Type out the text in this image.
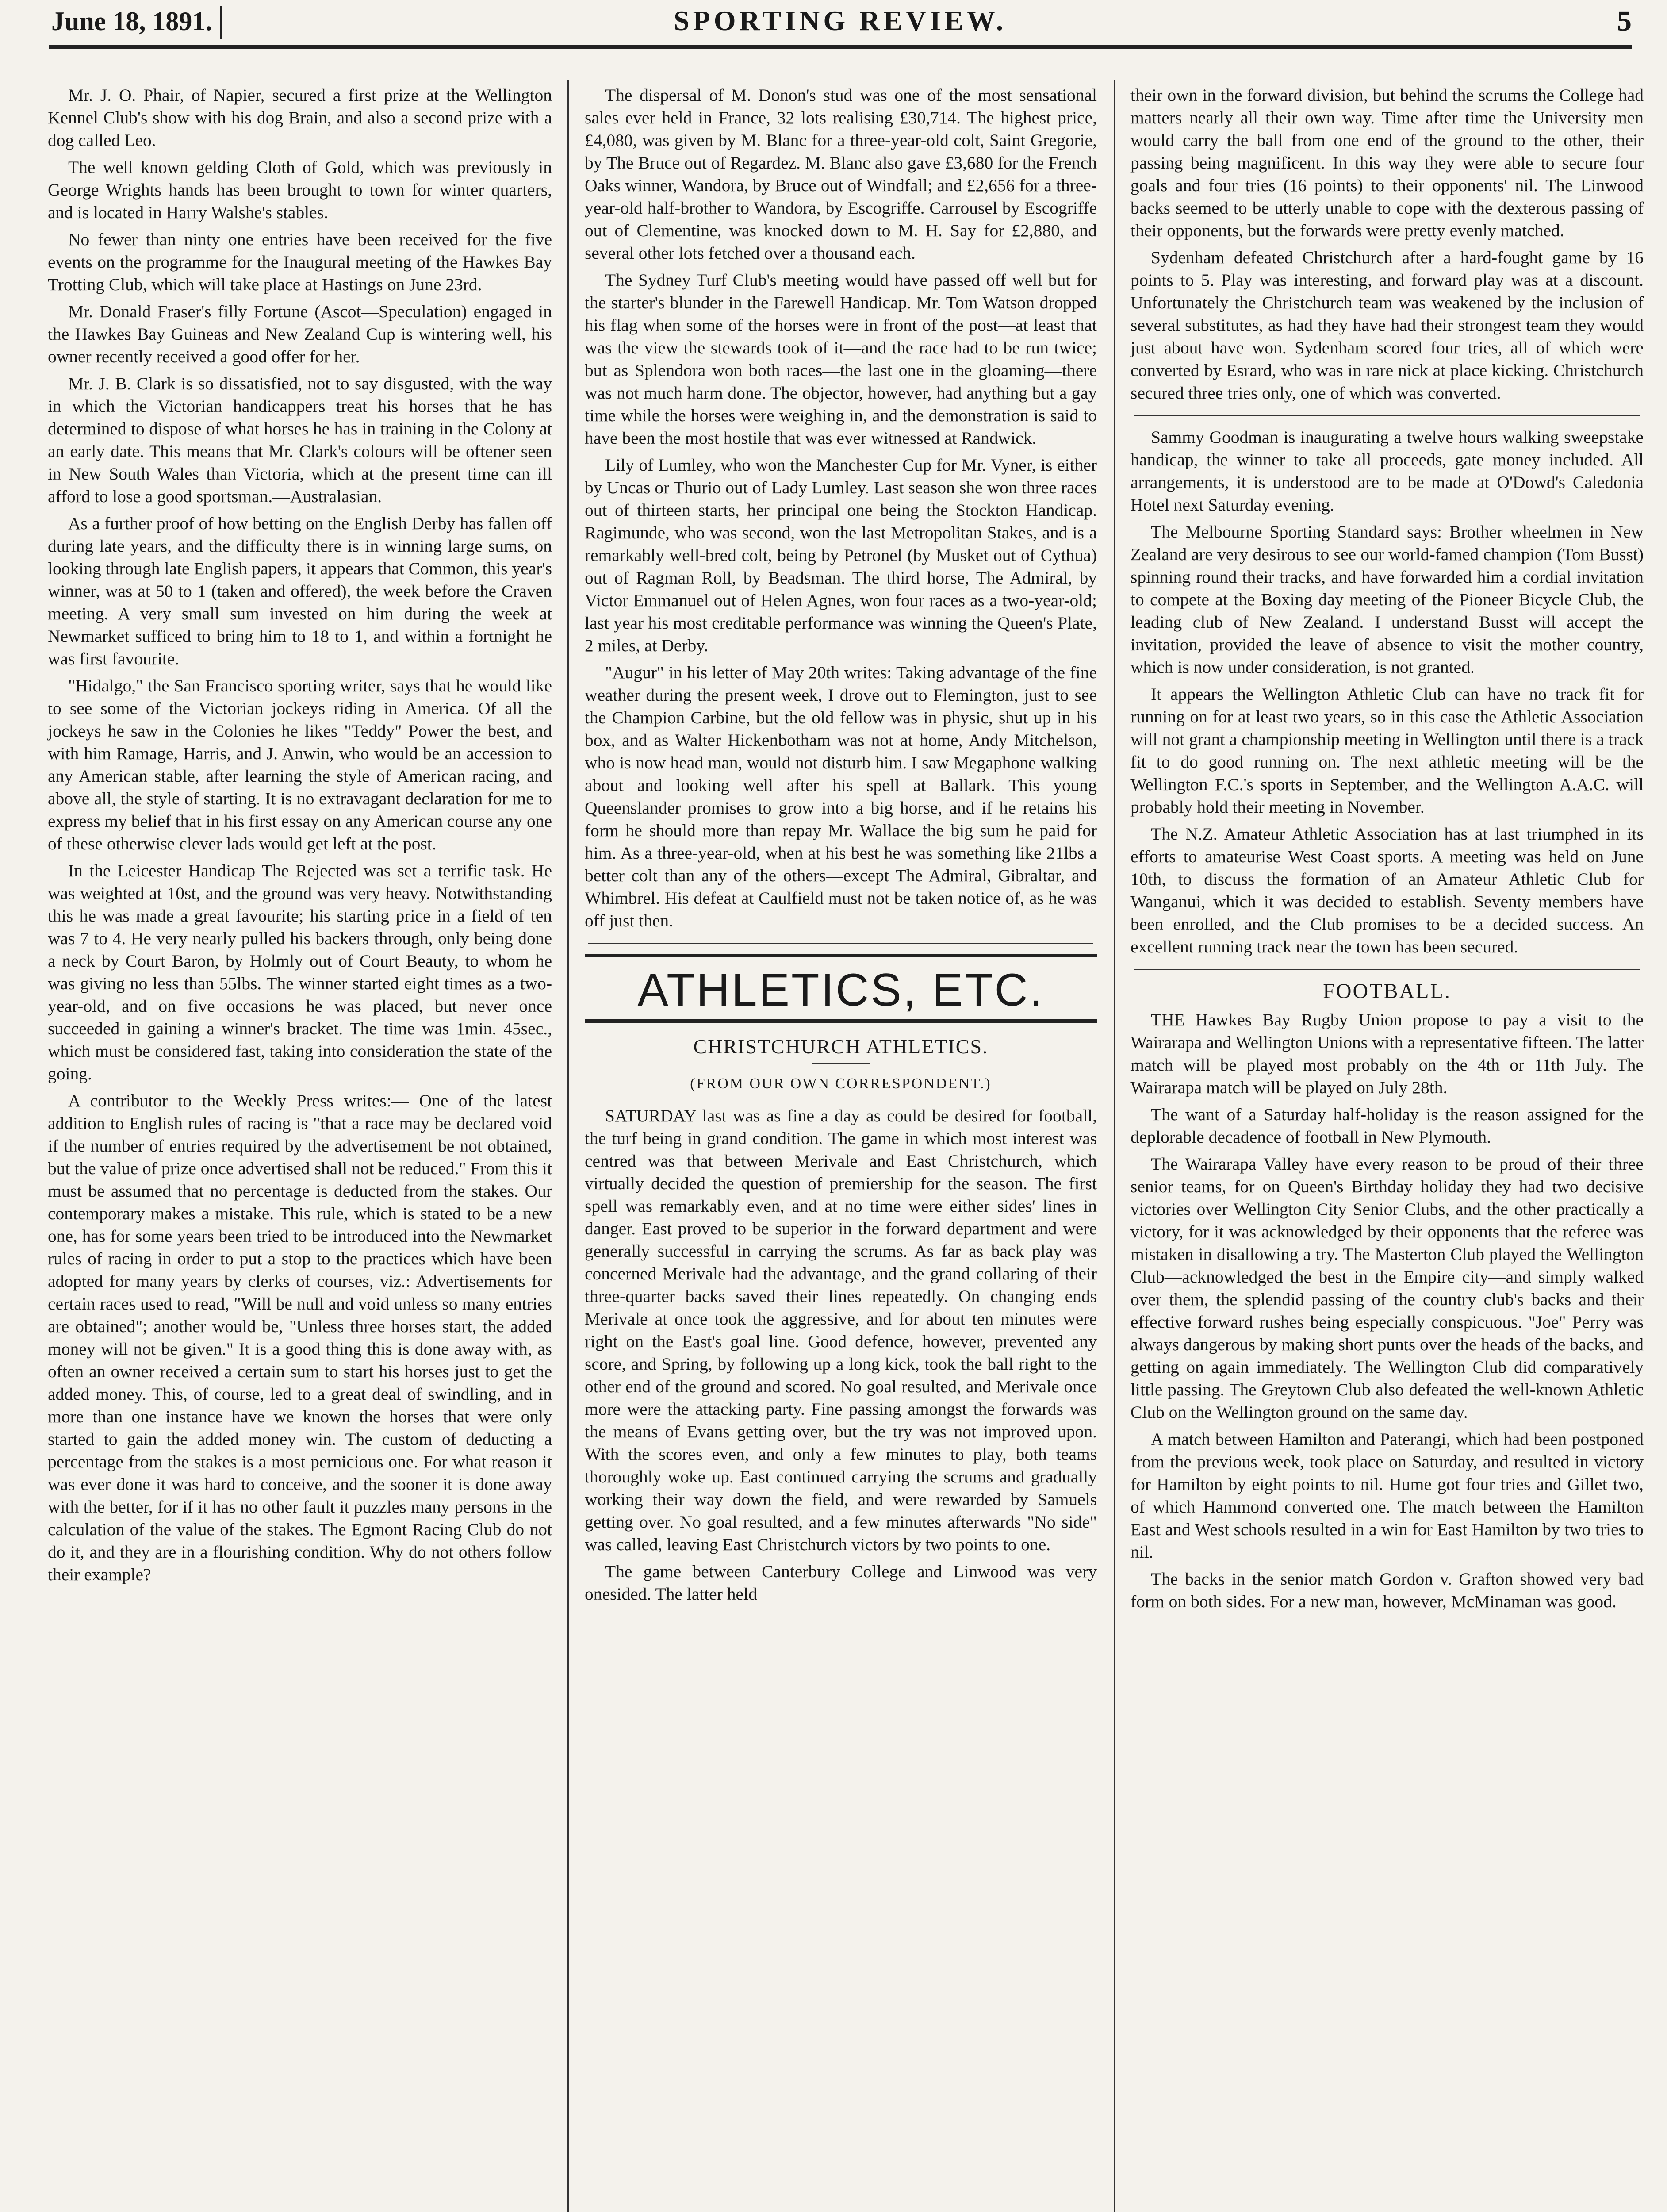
June 18, 1891.	SPORTING REVIEW.	5

Mr. J. O. Phair, of Napier, secured a first prize at the Wellington Kennel Club's show with his dog Brain, and also a second prize with a dog called Leo.

The well known gelding Cloth of Gold, which was previously in George Wrights hands has been brought to town for winter quarters, and is located in Harry Walshe's stables.

No fewer than ninty one entries have been received for the five events on the programme for the Inaugural meeting of the Hawkes Bay Trotting Club, which will take place at Hastings on June 23rd.

Mr. Donald Fraser's filly Fortune (Ascot—Speculation) engaged in the Hawkes Bay Guineas and New Zealand Cup is wintering well, his owner recently received a good offer for her.

Mr. J. B. Clark is so dissatisfied, not to say disgusted, with the way in which the Victorian handicappers treat his horses that he has determined to dispose of what horses he has in training in the Colony at an early date. This means that Mr. Clark's colours will be oftener seen in New South Wales than Victoria, which at the present time can ill afford to lose a good sportsman.—Australasian.

As a further proof of how betting on the English Derby has fallen off during late years, and the difficulty there is in winning large sums, on looking through late English papers, it appears that Common, this year's winner, was at 50 to 1 (taken and offered), the week before the Craven meeting. A very small sum invested on him during the week at Newmarket sufficed to bring him to 18 to 1, and within a fortnight he was first favourite.

"Hidalgo," the San Francisco sporting writer, says that he would like to see some of the Victorian jockeys riding in America. Of all the jockeys he saw in the Colonies he likes "Teddy" Power the best, and with him Ramage, Harris, and J. Anwin, who would be an accession to any American stable, after learning the style of American racing, and above all, the style of starting. It is no extravagant declaration for me to express my belief that in his first essay on any American course any one of these otherwise clever lads would get left at the post.

In the Leicester Handicap The Rejected was set a terrific task. He was weighted at 10st, and the ground was very heavy. Notwithstanding this he was made a great favourite; his starting price in a field of ten was 7 to 4. He very nearly pulled his backers through, only being done a neck by Court Baron, by Holmly out of Court Beauty, to whom he was giving no less than 55lbs. The winner started eight times as a two-year-old, and on five occasions he was placed, but never once succeeded in gaining a winner's bracket. The time was 1min. 45sec., which must be considered fast, taking into consideration the state of the going.

A contributor to the Weekly Press writes:— One of the latest addition to English rules of racing is "that a race may be declared void if the number of entries required by the advertisement be not obtained, but the value of prize once advertised shall not be reduced." From this it must be assumed that no percentage is deducted from the stakes. Our contemporary makes a mistake. This rule, which is stated to be a new one, has for some years been tried to be introduced into the Newmarket rules of racing in order to put a stop to the practices which have been adopted for many years by clerks of courses, viz.: Advertisements for certain races used to read, "Will be null and void unless so many entries are obtained"; another would be, "Unless three horses start, the added money will not be given." It is a good thing this is done away with, as often an owner received a certain sum to start his horses just to get the added money. This, of course, led to a great deal of swindling, and in more than one instance have we known the horses that were only started to gain the added money win. The custom of deducting a percentage from the stakes is a most pernicious one. For what reason it was ever done it was hard to conceive, and the sooner it is done away with the better, for if it has no other fault it puzzles many persons in the calculation of the value of the stakes. The Egmont Racing Club do not do it, and they are in a flourishing condition. Why do not others follow their example?

The dispersal of M. Donon's stud was one of the most sensational sales ever held in France, 32 lots realising £30,714. The highest price, £4,080, was given by M. Blanc for a three-year-old colt, Saint Gregorie, by The Bruce out of Regardez. M. Blanc also gave £3,680 for the French Oaks winner, Wandora, by Bruce out of Windfall; and £2,656 for a three-year-old half-brother to Wandora, by Escogriffe. Carrousel by Escogriffe out of Clementine, was knocked down to M. H. Say for £2,880, and several other lots fetched over a thousand each.

The Sydney Turf Club's meeting would have passed off well but for the starter's blunder in the Farewell Handicap. Mr. Tom Watson dropped his flag when some of the horses were in front of the post—at least that was the view the stewards took of it—and the race had to be run twice; but as Splendora won both races—the last one in the gloaming—there was not much harm done. The objector, however, had anything but a gay time while the horses were weighing in, and the demonstration is said to have been the most hostile that was ever witnessed at Randwick.

Lily of Lumley, who won the Manchester Cup for Mr. Vyner, is either by Uncas or Thurio out of Lady Lumley. Last season she won three races out of thirteen starts, her principal one being the Stockton Handicap. Ragimunde, who was second, won the last Metropolitan Stakes, and is a remarkably well-bred colt, being by Petronel (by Musket out of Cythua) out of Ragman Roll, by Beadsman. The third horse, The Admiral, by Victor Emmanuel out of Helen Agnes, won four races as a two-year-old; last year his most creditable performance was winning the Queen's Plate, 2 miles, at Derby.

"Augur" in his letter of May 20th writes: Taking advantage of the fine weather during the present week, I drove out to Flemington, just to see the Champion Carbine, but the old fellow was in physic, shut up in his box, and as Walter Hickenbotham was not at home, Andy Mitchelson, who is now head man, would not disturb him. I saw Megaphone walking about and looking well after his spell at Ballark. This young Queenslander promises to grow into a big horse, and if he retains his form he should more than repay Mr. Wallace the big sum he paid for him. As a three-year-old, when at his best he was something like 21lbs a better colt than any of the others—except The Admiral, Gibraltar, and Whimbrel. His defeat at Caulfield must not be taken notice of, as he was off just then.

ATHLETICS, ETC.
CHRISTCHURCH ATHLETICS.
(FROM OUR OWN CORRESPONDENT.)

SATURDAY last was as fine a day as could be desired for football, the turf being in grand condition. The game in which most interest was centred was that between Merivale and East Christchurch, which virtually decided the question of premiership for the season. The first spell was remarkably even, and at no time were either sides' lines in danger. East proved to be superior in the forward department and were generally successful in carrying the scrums. As far as back play was concerned Merivale had the advantage, and the grand collaring of their three-quarter backs saved their lines repeatedly. On changing ends Merivale at once took the aggressive, and for about ten minutes were right on the East's goal line. Good defence, however, prevented any score, and Spring, by following up a long kick, took the ball right to the other end of the ground and scored. No goal resulted, and Merivale once more were the attacking party. Fine passing amongst the forwards was the means of Evans getting over, but the try was not improved upon. With the scores even, and only a few minutes to play, both teams thoroughly woke up. East continued carrying the scrums and gradually working their way down the field, and were rewarded by Samuels getting over. No goal resulted, and a few minutes afterwards "No side" was called, leaving East Christchurch victors by two points to one.

The game between Canterbury College and Linwood was very onesided. The latter held

their own in the forward division, but behind the scrums the College had matters nearly all their own way. Time after time the University men would carry the ball from one end of the ground to the other, their passing being magnificent. In this way they were able to secure four goals and four tries (16 points) to their opponents' nil. The Linwood backs seemed to be utterly unable to cope with the dexterous passing of their opponents, but the forwards were pretty evenly matched.

Sydenham defeated Christchurch after a hard-fought game by 16 points to 5. Play was interesting, and forward play was at a discount. Unfortunately the Christchurch team was weakened by the inclusion of several substitutes, as had they have had their strongest team they would just about have won. Sydenham scored four tries, all of which were converted by Esrard, who was in rare nick at place kicking. Christchurch secured three tries only, one of which was converted.

Sammy Goodman is inaugurating a twelve hours walking sweepstake handicap, the winner to take all proceeds, gate money included. All arrangements, it is understood are to be made at O'Dowd's Caledonia Hotel next Saturday evening.

The Melbourne Sporting Standard says: Brother wheelmen in New Zealand are very desirous to see our world-famed champion (Tom Busst) spinning round their tracks, and have forwarded him a cordial invitation to compete at the Boxing day meeting of the Pioneer Bicycle Club, the leading club of New Zealand. I understand Busst will accept the invitation, provided the leave of absence to visit the mother country, which is now under consideration, is not granted.

It appears the Wellington Athletic Club can have no track fit for running on for at least two years, so in this case the Athletic Association will not grant a championship meeting in Wellington until there is a track fit to do good running on. The next athletic meeting will be the Wellington F.C.'s sports in September, and the Wellington A.A.C. will probably hold their meeting in November.

The N.Z. Amateur Athletic Association has at last triumphed in its efforts to amateurise West Coast sports. A meeting was held on June 10th, to discuss the formation of an Amateur Athletic Club for Wanganui, which it was decided to establish. Seventy members have been enrolled, and the Club promises to be a decided success. An excellent running track near the town has been secured.

FOOTBALL.

THE Hawkes Bay Rugby Union propose to pay a visit to the Wairarapa and Wellington Unions with a representative fifteen. The latter match will be played most probably on the 4th or 11th July. The Wairarapa match will be played on July 28th.

The want of a Saturday half-holiday is the reason assigned for the deplorable decadence of football in New Plymouth.

The Wairarapa Valley have every reason to be proud of their three senior teams, for on Queen's Birthday holiday they had two decisive victories over Wellington City Senior Clubs, and the other practically a victory, for it was acknowledged by their opponents that the referee was mistaken in disallowing a try. The Masterton Club played the Wellington Club—acknowledged the best in the Empire city—and simply walked over them, the splendid passing of the country club's backs and their effective forward rushes being especially conspicuous. "Joe" Perry was always dangerous by making short punts over the heads of the backs, and getting on again immediately. The Wellington Club did comparatively little passing. The Greytown Club also defeated the well-known Athletic Club on the Wellington ground on the same day.

A match between Hamilton and Paterangi, which had been postponed from the previous week, took place on Saturday, and resulted in victory for Hamilton by eight points to nil. Hume got four tries and Gillet two, of which Hammond converted one. The match between the Hamilton East and West schools resulted in a win for East Hamilton by two tries to nil.

The backs in the senior match Gordon v. Grafton showed very bad form on both sides. For a new man, however, McMinaman was good.
